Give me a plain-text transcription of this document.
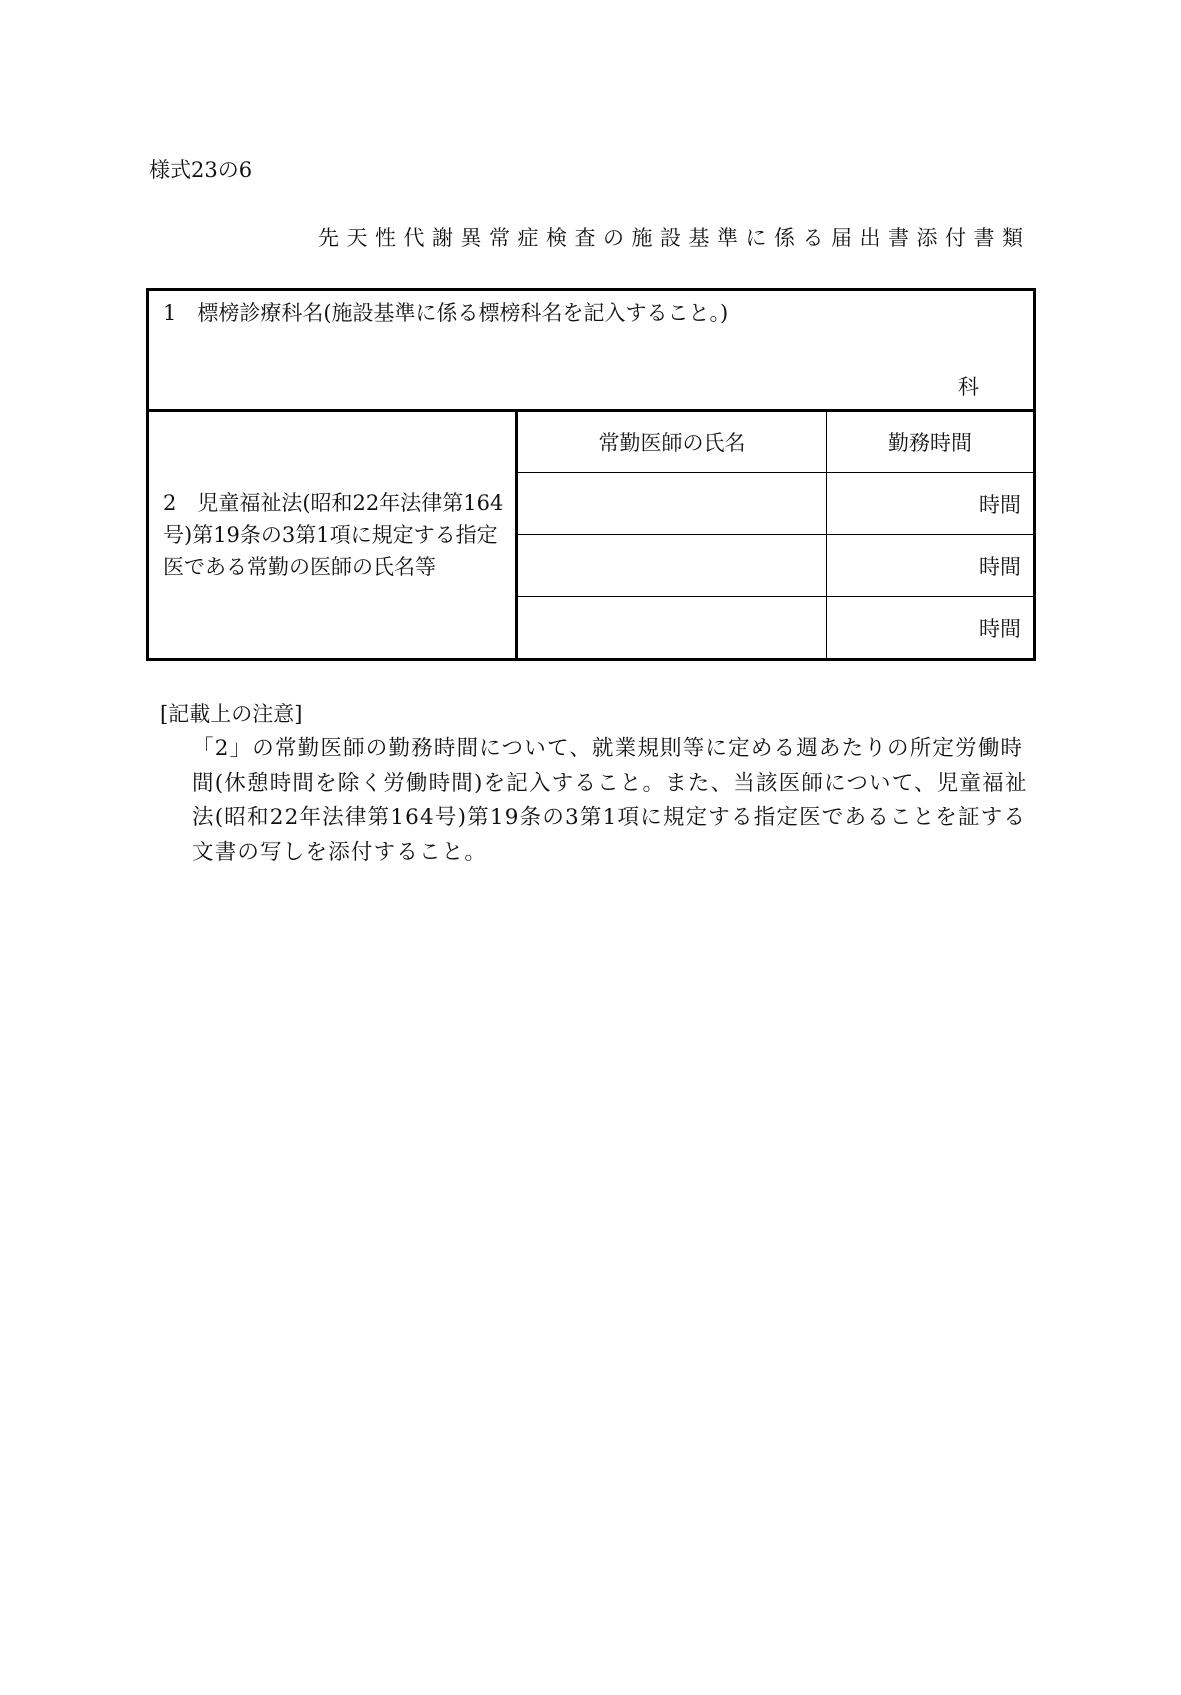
様式23の6
先天性代謝異常症検査の施設基準に係る届出書添付書類
1　標榜診療科名(施設基準に係る標榜科名を記入すること。)
科		

2　児童福祉法(昭和22年法律第164号)第19条の3第1項に規定する指定医である常勤の医師の氏名等	常勤医師の氏名	勤務時間
		時間
		時間
		時間
[記載上の注意]
「2」の常勤医師の勤務時間について、就業規則等に定める週あたりの所定労働時間(休憩時間を除く労働時間)を記入すること。また、当該医師について、児童福祉法(昭和22年法律第164号)第19条の3第1項に規定する指定医であることを証する文書の写しを添付すること。
